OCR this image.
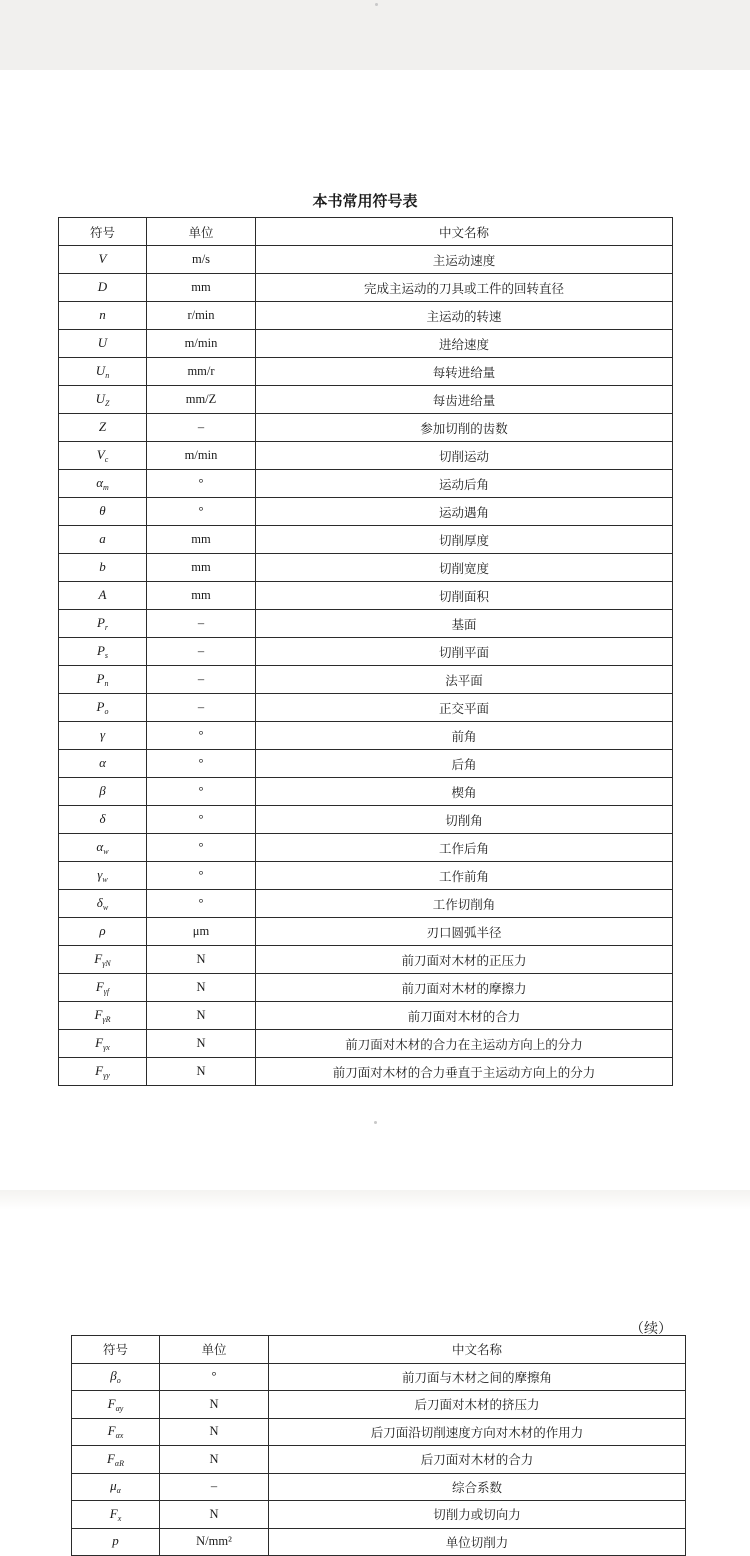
本书常用符号表
符号	单位	中文名称
V	m/s	主运动速度
D	mm	完成主运动的刀具或工件的回转直径
n	r/min	主运动的转速
U	m/min	进给速度
$U_n$	mm/r	每转进给量
$U_Z$	mm/Z	每齿进给量
Z	–	参加切削的齿数
$V_c$	m/min	切削运动
$\alpha_m$	°	运动后角
θ	°	运动遇角
a	mm	切削厚度
b	mm	切削宽度
A	mm	切削面积
$P_r$	–	基面
$P_s$	–	切削平面
$P_n$	–	法平面
$P_o$	–	正交平面
γ	°	前角
α	°	后角
β	°	楔角
δ	°	切削角
$\alpha_w$	°	工作后角
$\gamma_w$	°	工作前角
$\delta_w$	°	工作切削角
ρ	μm	刃口圆弧半径
$F_{\gamma N}$	N	前刀面对木材的正压力
$F_{\gamma f}$	N	前刀面对木材的摩擦力
$F_{\gamma R}$	N	前刀面对木材的合力
$F_{\gamma x}$	N	前刀面对木材的合力在主运动方向上的分力
$F_{\gamma y}$	N	前刀面对木材的合力垂直于主运动方向上的分力
（续）
符号	单位	中文名称
$\beta_o$	°	前刀面与木材之间的摩擦角
$F_{\alpha y}$	N	后刀面对木材的挤压力
$F_{\alpha x}$	N	后刀面沿切削速度方向对木材的作用力
$F_{\alpha R}$	N	后刀面对木材的合力
$\mu_\alpha$	–	综合系数
$F_x$	N	切削力或切向力
p	N/mm²	单位切削力
